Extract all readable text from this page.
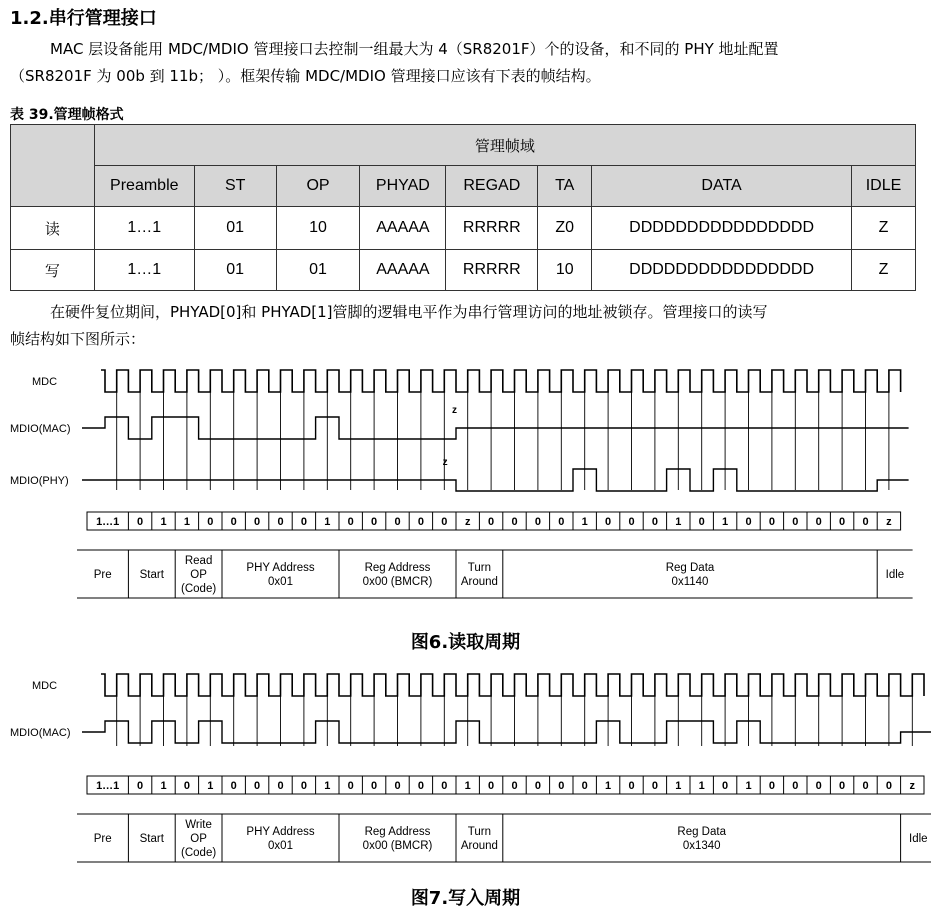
1.2.串行管理接口
MAC 层设备能用 MDC/MDIO 管理接口去控制一组最大为 4（SR8201F）个的设备，和不同的 PHY 地址配置
（SR8201F 为 00b 到 11b； ）。框架传输 MDC/MDIO 管理接口应该有下表的帧结构。
表 39.管理帧格式
	管理帧域							
	Preamble	ST	OP	PHYAD	REGAD	TA	DATA	IDLE
读	1…1	01	10	AAAAA	RRRRR	Z0	DDDDDDDDDDDDDDDD	Z
写	1…1	01	01	AAAAA	RRRRR	10	DDDDDDDDDDDDDDDD	Z
在硬件复位期间，PHYAD[0]和 PHYAD[1]管脚的逻辑电平作为串行管理访问的地址被锁存。管理接口的读写
帧结构如下图所示：
MDC
MDIO(MAC)
z
MDIO(PHY)
z
1…1 0 1 1 0 0 0 0 0 1 0 0 0 0 0 z 0 0 0 0 1 0 0 0 1 0 1 0 0 0 0 0 0 z
Pre Start
Read
OP
(Code)
PHY Address
0x01
Reg Address
0x00 (BMCR)
Turn
Around
Reg Data
0x1140
Idle
图6.读取周期
MDC
MDIO(MAC)
1…1 0 1 0 1 0 0 0 0 1 0 0 0 0 0 1 0 0 0 0 0 1 0 0 1 1 0 1 0 0 0 0 0 0 z
Pre Start
Write
OP
(Code)
PHY Address
0x01
Reg Address
0x00 (BMCR)
Turn
Around
Reg Data
0x1340
Idle
图7.写入周期
